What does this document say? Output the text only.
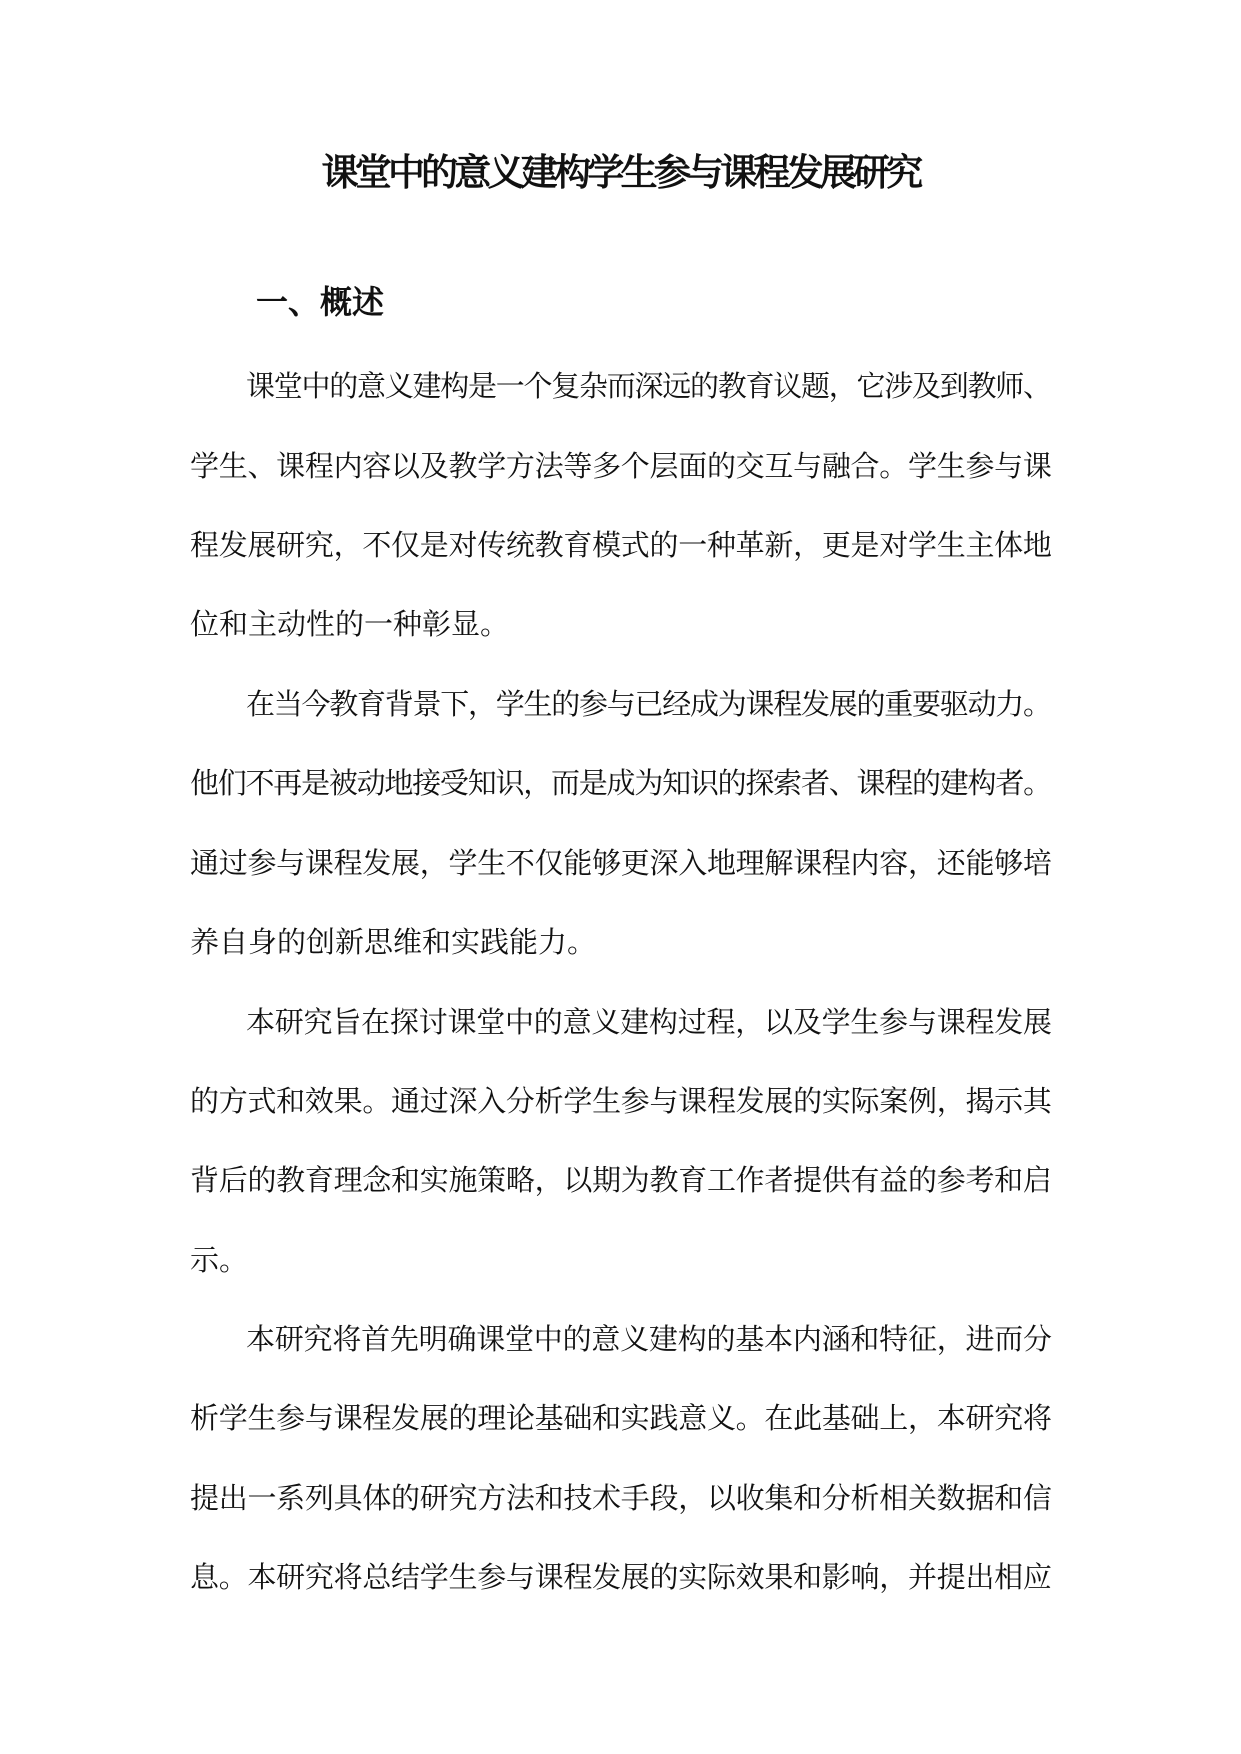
课堂中的意义建构学生参与课程发展研究
一、概述
课堂中的意义建构是一个复杂而深远的教育议题，它涉及到教师、
学生、课程内容以及教学方法等多个层面的交互与融合。学生参与课
程发展研究，不仅是对传统教育模式的一种革新，更是对学生主体地
位和主动性的一种彰显。
在当今教育背景下，学生的参与已经成为课程发展的重要驱动力。
他们不再是被动地接受知识，而是成为知识的探索者、课程的建构者。
通过参与课程发展，学生不仅能够更深入地理解课程内容，还能够培
养自身的创新思维和实践能力。
本研究旨在探讨课堂中的意义建构过程，以及学生参与课程发展
的方式和效果。通过深入分析学生参与课程发展的实际案例，揭示其
背后的教育理念和实施策略，以期为教育工作者提供有益的参考和启
示。
本研究将首先明确课堂中的意义建构的基本内涵和特征，进而分
析学生参与课程发展的理论基础和实践意义。在此基础上，本研究将
提出一系列具体的研究方法和技术手段，以收集和分析相关数据和信
息。本研究将总结学生参与课程发展的实际效果和影响，并提出相应
